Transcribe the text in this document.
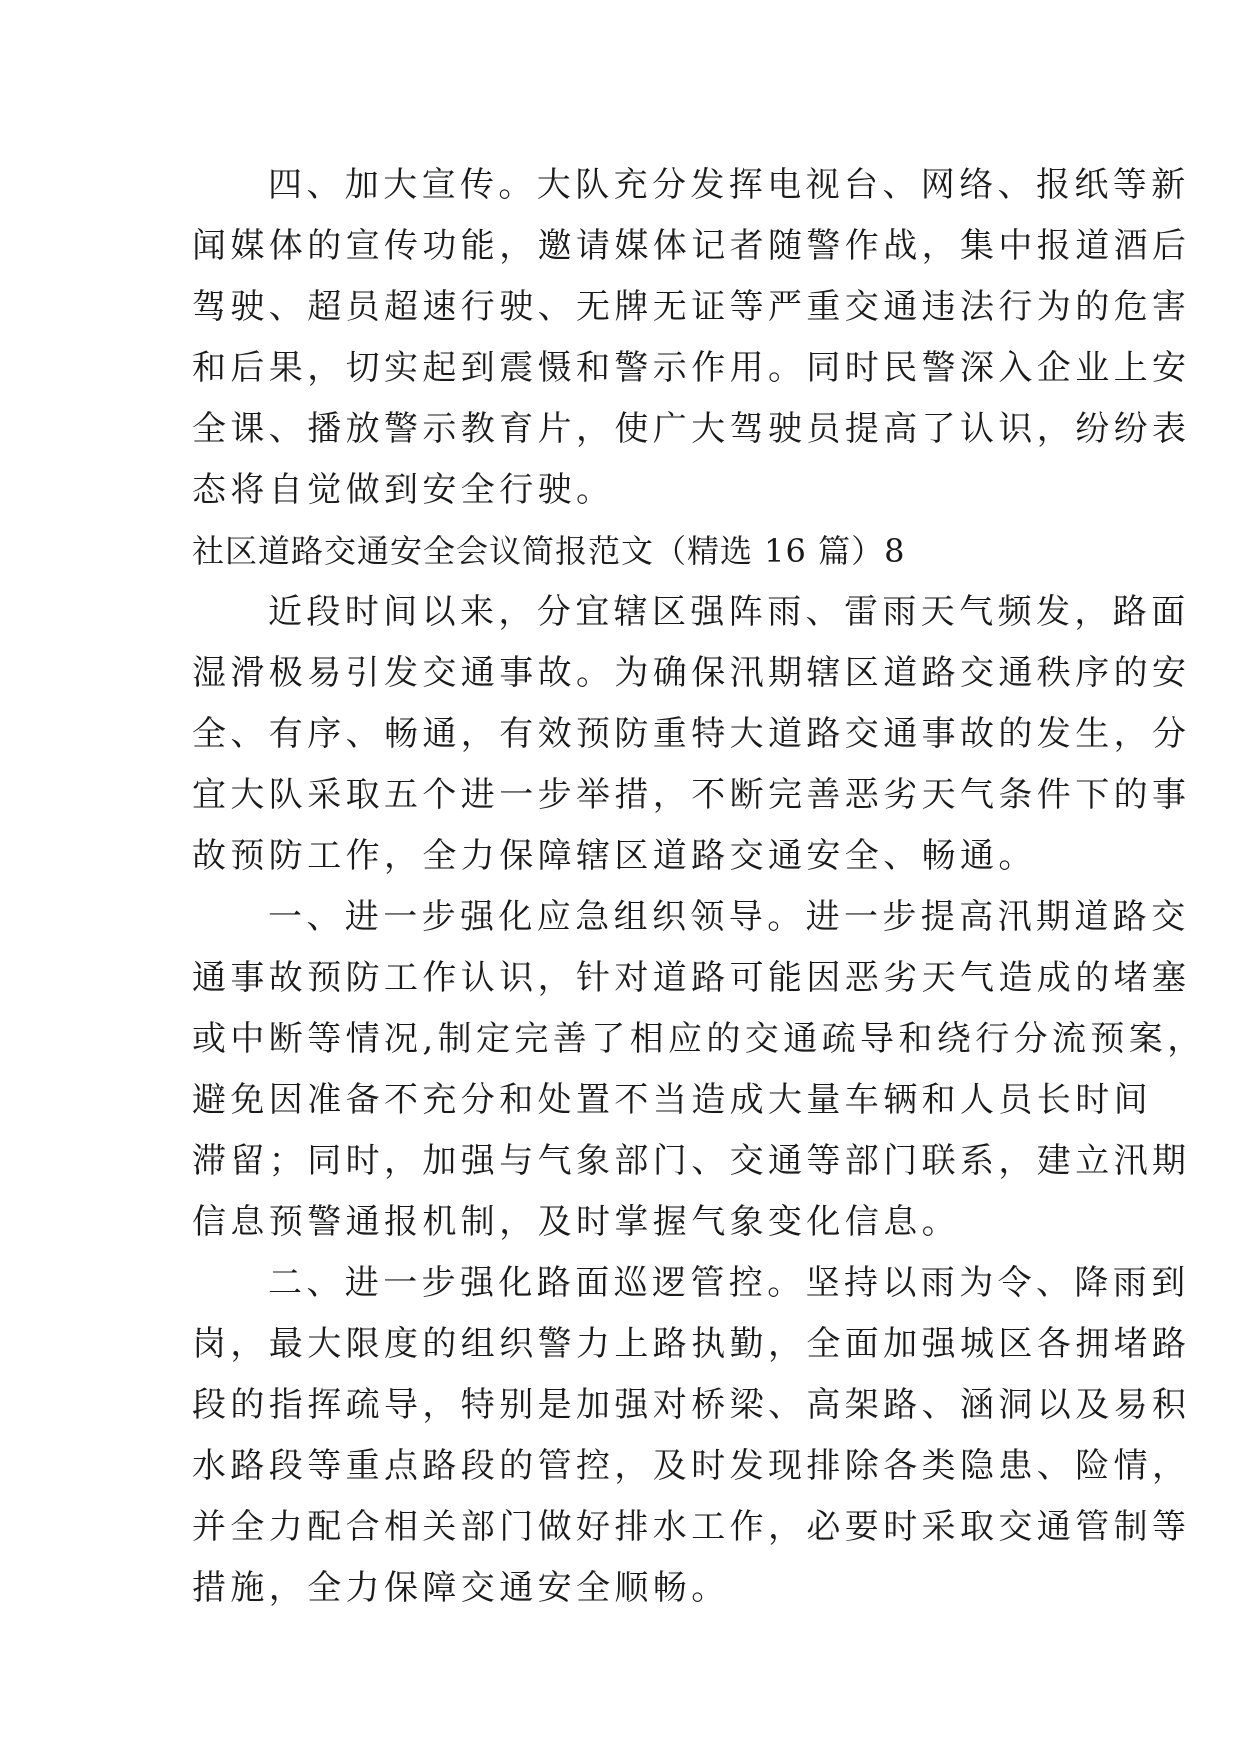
四、加大宣传。大队充分发挥电视台、网络、报纸等新
闻媒体的宣传功能，邀请媒体记者随警作战，集中报道酒后
驾驶、超员超速行驶、无牌无证等严重交通违法行为的危害
和后果，切实起到震慑和警示作用。同时民警深入企业上安
全课、播放警示教育片，使广大驾驶员提高了认识，纷纷表
态将自觉做到安全行驶。
社区道路交通安全会议简报范文（精选 16 篇）8
近段时间以来，分宜辖区强阵雨、雷雨天气频发，路面
湿滑极易引发交通事故。为确保汛期辖区道路交通秩序的安
全、有序、畅通，有效预防重特大道路交通事故的发生，分
宜大队采取五个进一步举措，不断完善恶劣天气条件下的事
故预防工作，全力保障辖区道路交通安全、畅通。
一、进一步强化应急组织领导。进一步提高汛期道路交
通事故预防工作认识，针对道路可能因恶劣天气造成的堵塞
或中断等情况,制定完善了相应的交通疏导和绕行分流预案，
避免因准备不充分和处置不当造成大量车辆和人员长时间
滞留；同时，加强与气象部门、交通等部门联系，建立汛期
信息预警通报机制，及时掌握气象变化信息。
二、进一步强化路面巡逻管控。坚持以雨为令、降雨到
岗，最大限度的组织警力上路执勤，全面加强城区各拥堵路
段的指挥疏导，特别是加强对桥梁、高架路、涵洞以及易积
水路段等重点路段的管控，及时发现排除各类隐患、险情，
并全力配合相关部门做好排水工作，必要时采取交通管制等
措施，全力保障交通安全顺畅。
